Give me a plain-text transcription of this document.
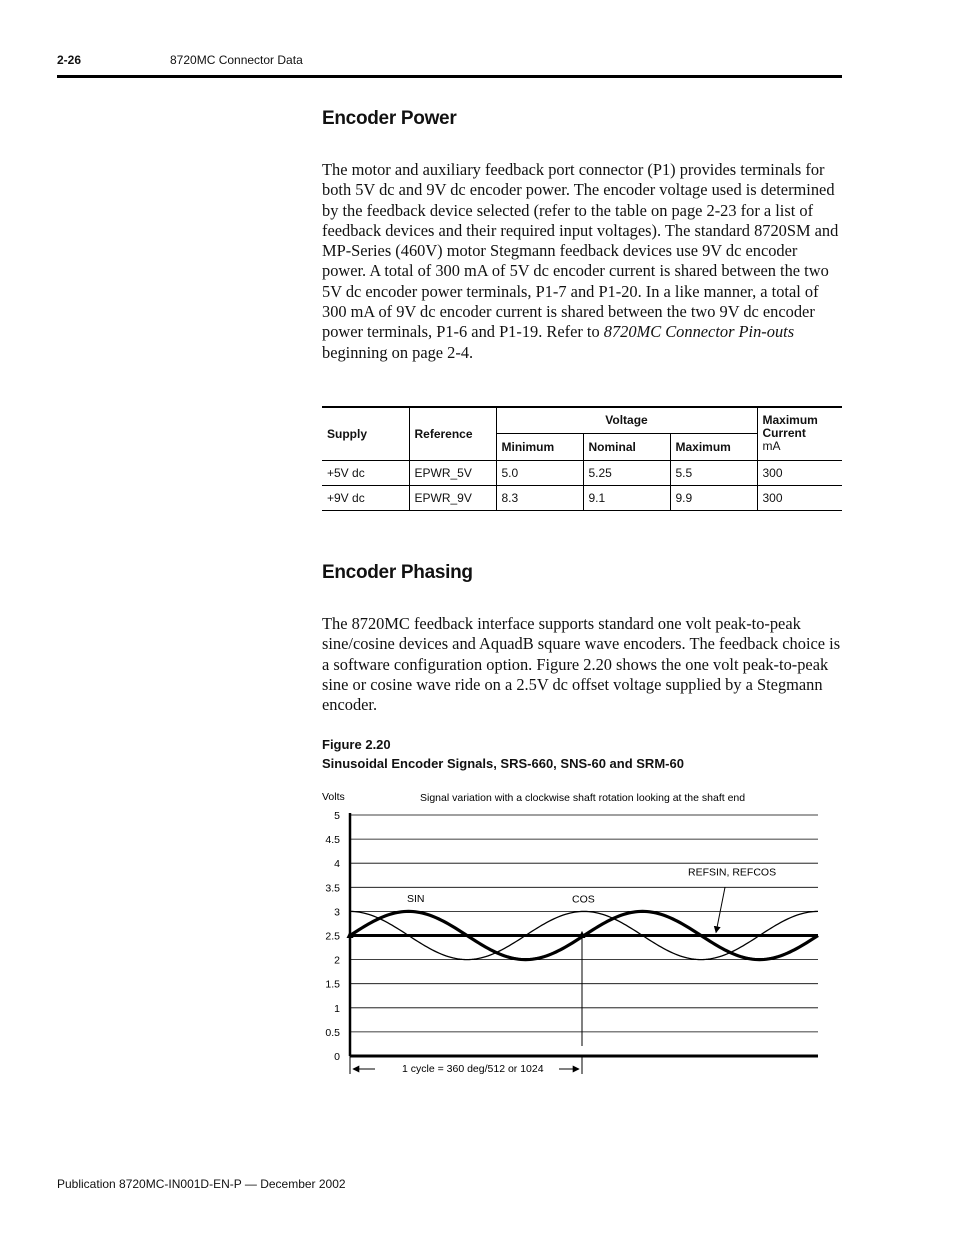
2-26	8720MC Connector Data
Encoder Power
The motor and auxiliary feedback port connector (P1) provides terminals for both 5V dc and 9V dc encoder power. The encoder voltage used is determined by the feedback device selected (refer to the table on page 2-23 for a list of feedback devices and their required input voltages). The standard 8720SM and MP-Series (460V) motor Stegmann feedback devices use 9V dc encoder power. A total of 300 mA of 5V dc encoder current is shared between the two 5V dc encoder power terminals, P1-7 and P1-20. In a like manner, a total of 300 mA of 9V dc encoder current is shared between the two 9V dc encoder power terminals, P1-6 and P1-19. Refer to 8720MC Connector Pin-outs beginning on page 2-4.
Supply	Reference	Voltage			Maximum
Current
mA
		Minimum	Nominal	Maximum	
+5V dc	EPWR_5V	5.0	5.25	5.5	300
+9V dc	EPWR_9V	8.3	9.1	9.9	300
Encoder Phasing
The 8720MC feedback interface supports standard one volt peak-to-peak sine/cosine devices and AquadB square wave encoders. The feedback choice is a software configuration option. Figure 2.20 shows the one volt peak-to-peak sine or cosine wave ride on a 2.5V dc offset voltage supplied by a Stegmann encoder.
Figure 2.20
Sinusoidal Encoder Signals, SRS-660, SNS-60 and SRM-60
Volts	Signal variation with a clockwise shaft rotation looking at the shaft end
5
4.5
4
3.5
3
2.5
2
1.5
1
0.5
0
SIN	COS
REFSIN, REFCOS
1 cycle = 360 deg/512 or 1024
Publication 8720MC-IN001D-EN-P — December 2002
